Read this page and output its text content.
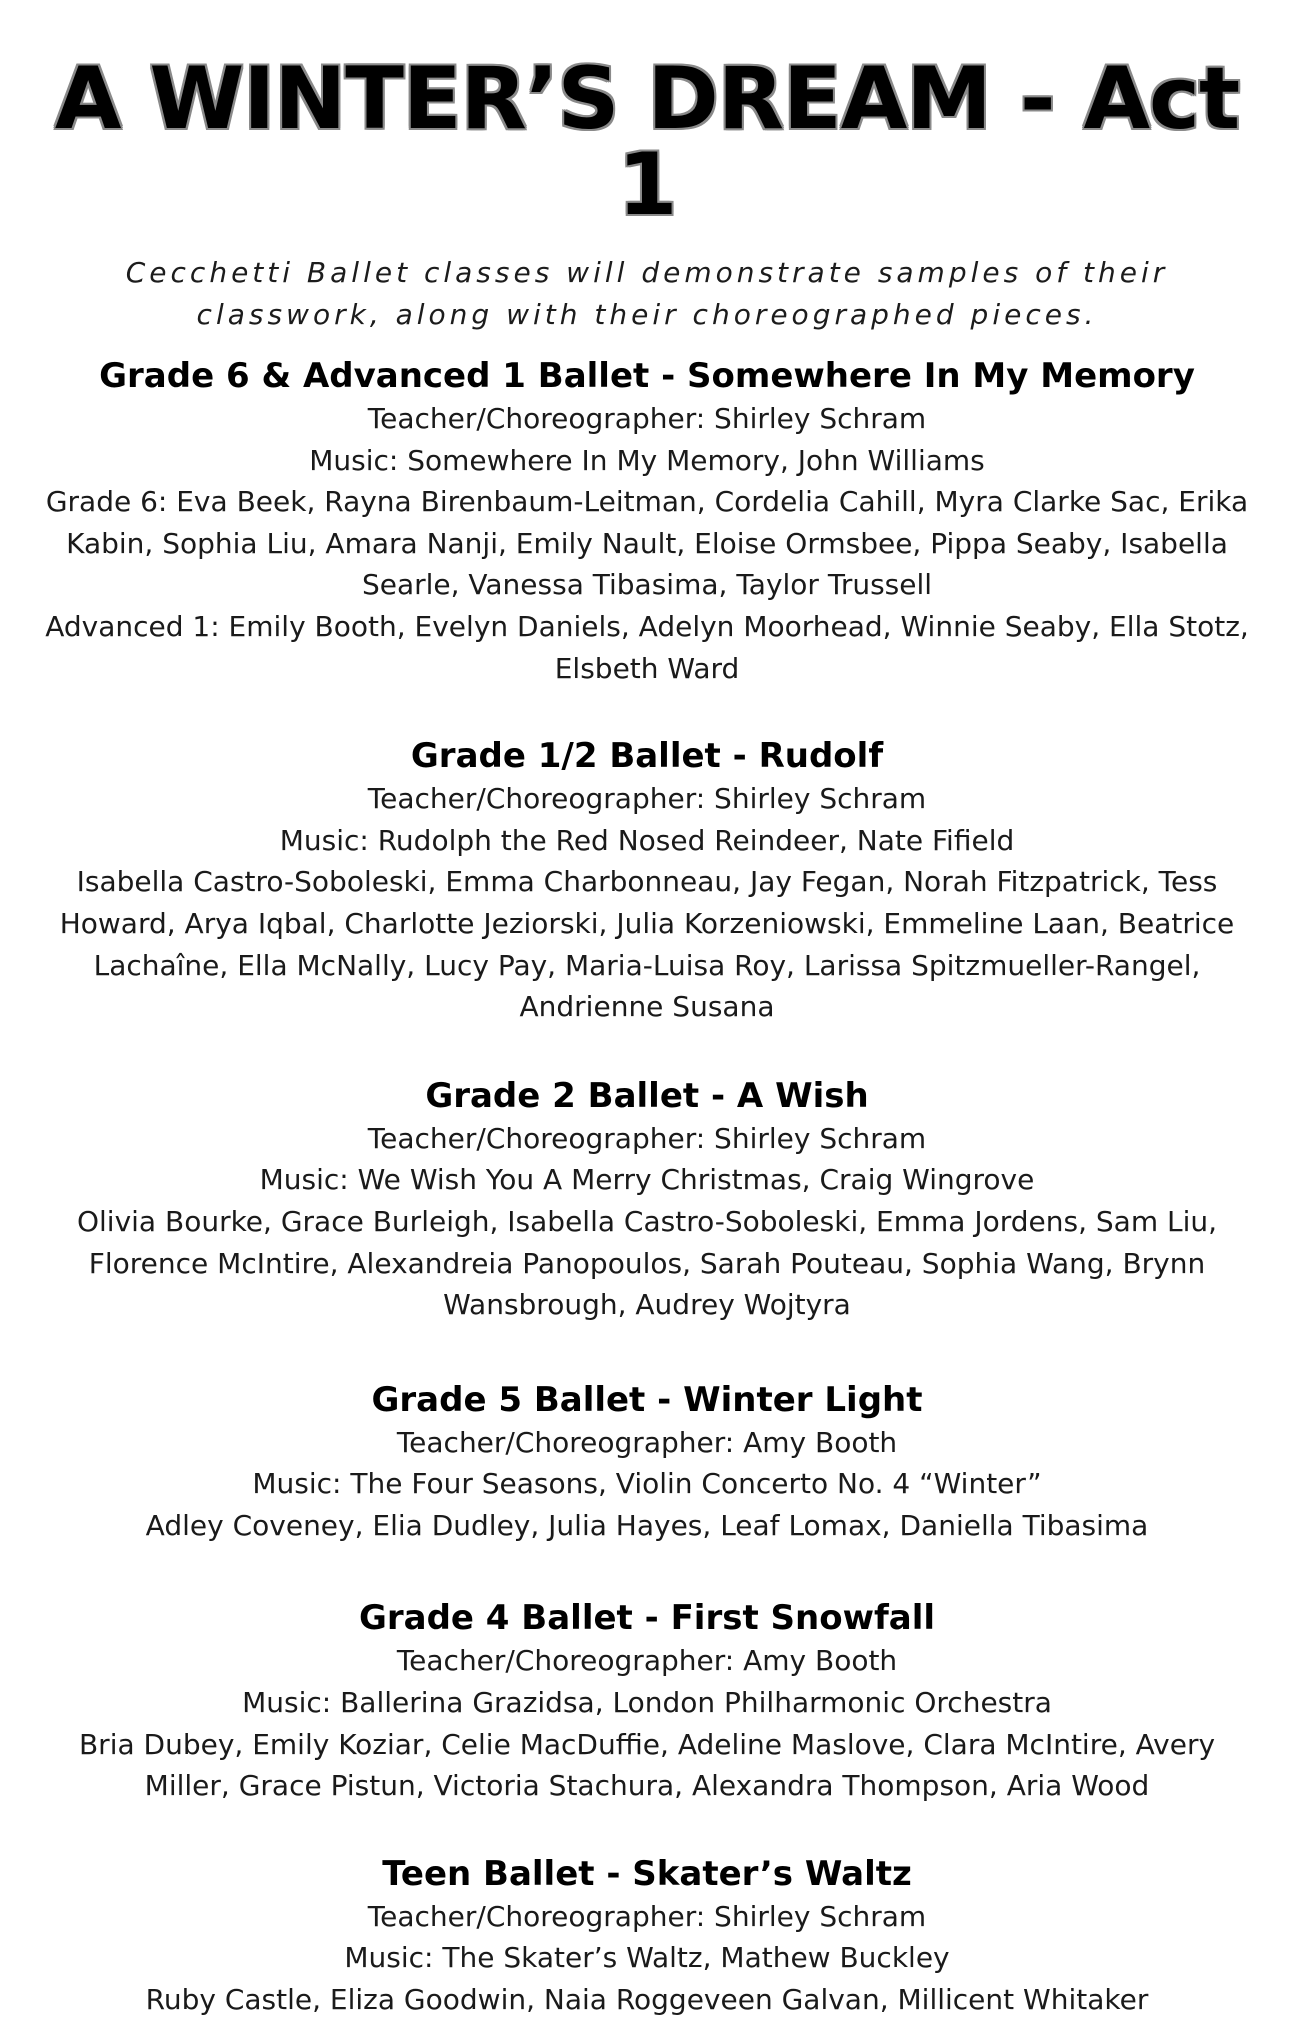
A WINTER’S DREAM - Act 1

Cecchetti Ballet classes will demonstrate samples of their classwork, along with their choreographed pieces.

Grade 6 & Advanced 1 Ballet - Somewhere In My Memory

Teacher/Choreographer: Shirley Schram

Music: Somewhere In My Memory, John Williams

Grade 6: Eva Beek, Rayna Birenbaum-Leitman, Cordelia Cahill, Myra Clarke Sac, Erika Kabin, Sophia Liu, Amara Nanji, Emily Nault, Eloise Ormsbee, Pippa Seaby, Isabella Searle, Vanessa Tibasima, Taylor Trussell

Advanced 1: Emily Booth, Evelyn Daniels, Adelyn Moorhead, Winnie Seaby, Ella Stotz, Elsbeth Ward

Grade 1/2 Ballet - Rudolf

Teacher/Choreographer: Shirley Schram

Music: Rudolph the Red Nosed Reindeer, Nate Fifield

Isabella Castro-Soboleski, Emma Charbonneau, Jay Fegan, Norah Fitzpatrick, Tess Howard, Arya Iqbal, Charlotte Jeziorski, Julia Korzeniowski, Emmeline Laan, Beatrice Lachaîne, Ella McNally, Lucy Pay, Maria-Luisa Roy, Larissa Spitzmueller-Rangel, Andrienne Susana

Grade 2 Ballet - A Wish

Teacher/Choreographer: Shirley Schram

Music: We Wish You A Merry Christmas, Craig Wingrove

Olivia Bourke, Grace Burleigh, Isabella Castro-Soboleski, Emma Jordens, Sam Liu, Florence McIntire, Alexandreia Panopoulos, Sarah Pouteau, Sophia Wang, Brynn Wansbrough, Audrey Wojtyra

Grade 5 Ballet - Winter Light

Teacher/Choreographer: Amy Booth

Music: The Four Seasons, Violin Concerto No. 4 “Winter”

Adley Coveney, Elia Dudley, Julia Hayes, Leaf Lomax, Daniella Tibasima

Grade 4 Ballet - First Snowfall

Teacher/Choreographer: Amy Booth

Music: Ballerina Grazidsa, London Philharmonic Orchestra

Bria Dubey, Emily Koziar, Celie MacDuffie, Adeline Maslove, Clara McIntire, Avery Miller, Grace Pistun, Victoria Stachura, Alexandra Thompson, Aria Wood

Teen Ballet - Skater’s Waltz

Teacher/Choreographer: Shirley Schram

Music: The Skater’s Waltz, Mathew Buckley

Ruby Castle, Eliza Goodwin, Naia Roggeveen Galvan, Millicent Whitaker
